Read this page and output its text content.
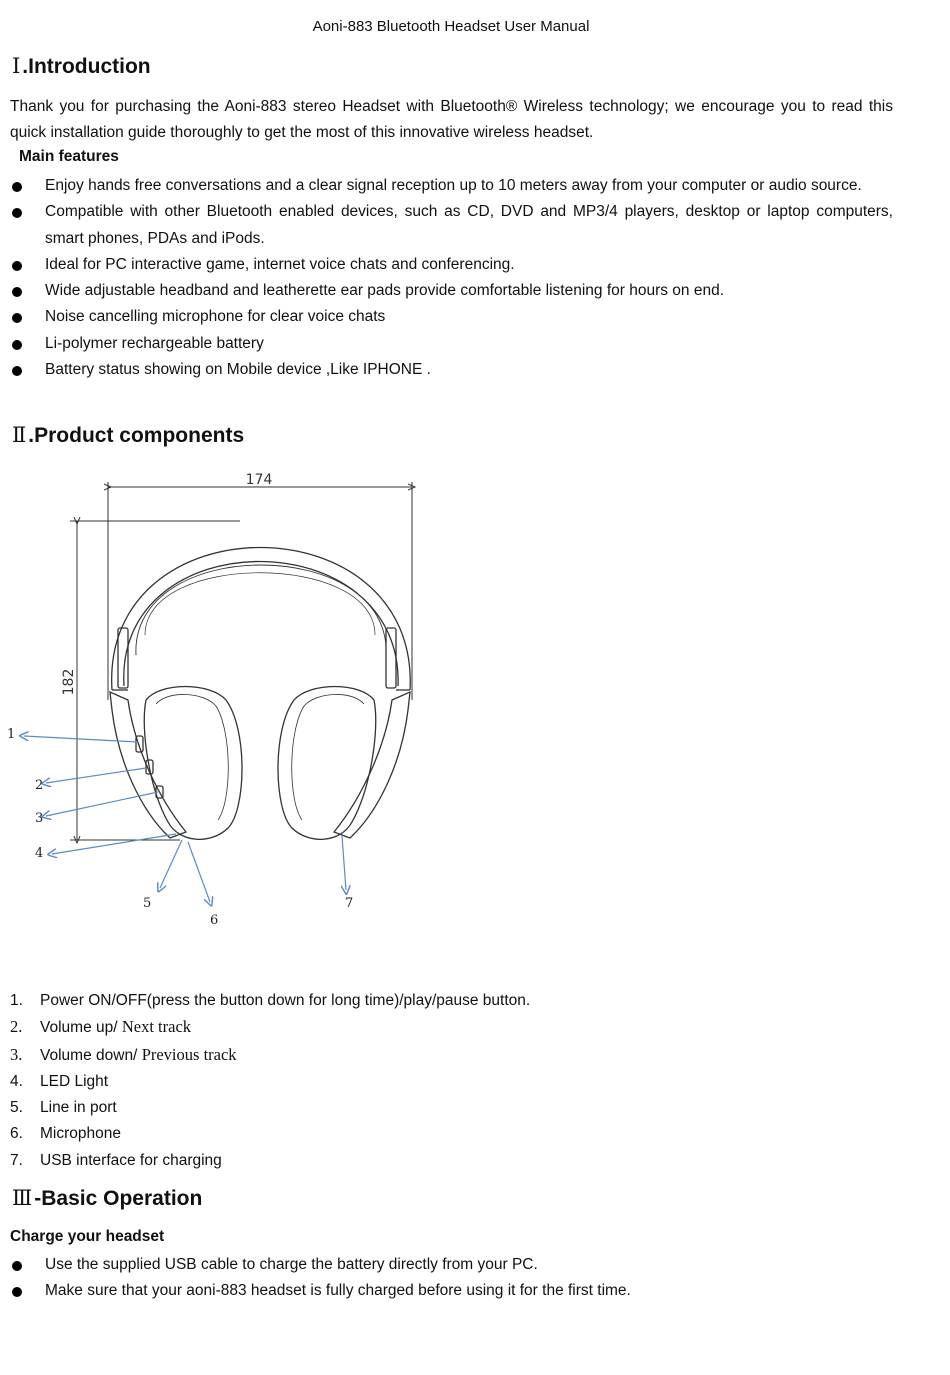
Aoni-883 Bluetooth Headset User Manual
Ⅰ.Introduction
Thank you for purchasing the Aoni-883 stereo Headset with Bluetooth® Wireless technology; we encourage you to read this quick installation guide thoroughly to get the most of this innovative wireless headset.
Main features
Enjoy hands free conversations and a clear signal reception up to 10 meters away from your computer or audio source.
Compatible with other Bluetooth enabled devices, such as CD, DVD and MP3/4 players, desktop or laptop computers, smart phones, PDAs and iPods.
Ideal for PC interactive game, internet voice chats and conferencing.
Wide adjustable headband and leatherette ear pads provide comfortable listening for hours on end.
Noise cancelling microphone for clear voice chats
Li-polymer rechargeable battery
Battery status showing on Mobile device ,Like IPHONE .
Ⅱ.Product components
174
182
1
2
3
4
5
6
7
1. Power ON/OFF(press the button down for long time)/play/pause button.
2. Volume up/ Next track
3. Volume down/ Previous track
4. LED Light
5. Line in port
6. Microphone
7. USB interface for charging
Ⅲ-Basic Operation
Charge your headset
Use the supplied USB cable to charge the battery directly from your PC.
Make sure that your aoni-883 headset is fully charged before using it for the first time.
